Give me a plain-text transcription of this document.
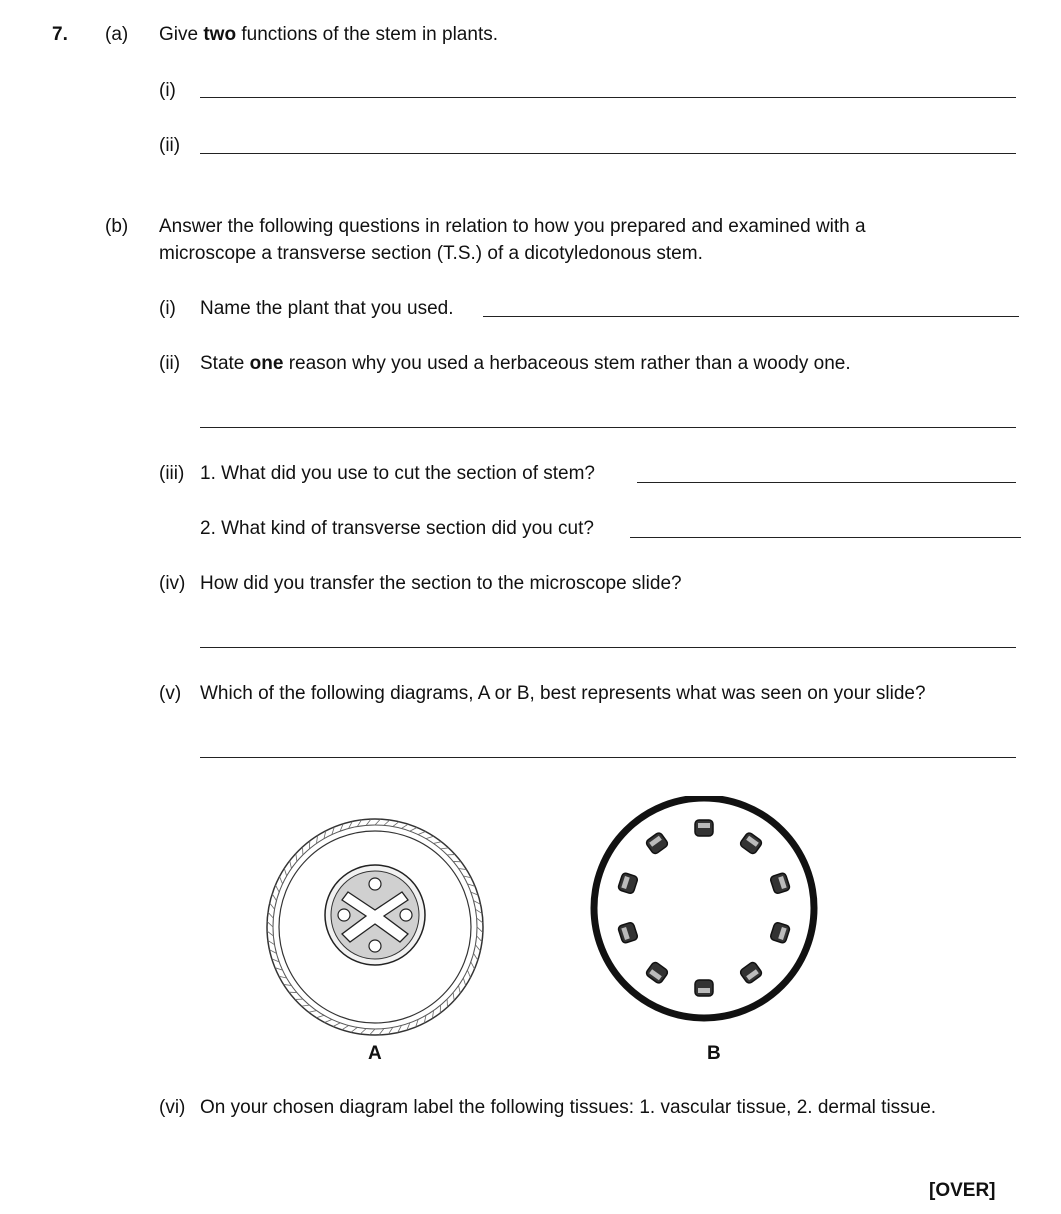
7. (a) Give two functions of the stem in plants.
(i)
(ii)
(b) Answer the following questions in relation to how you prepared and examined with a
microscope a transverse section (T.S.) of a dicotyledonous stem.
(i) Name the plant that you used.
(ii) State one reason why you used a herbaceous stem rather than a woody one.
(iii) 1. What did you use to cut the section of stem?
2. What kind of transverse section did you cut?
(iv) How did you transfer the section to the microscope slide?
(v) Which of the following diagrams, A or B, best represents what was seen on your slide?
A	B
(vi) On your chosen diagram label the following tissues: 1. vascular tissue, 2. dermal tissue.
[OVER]
